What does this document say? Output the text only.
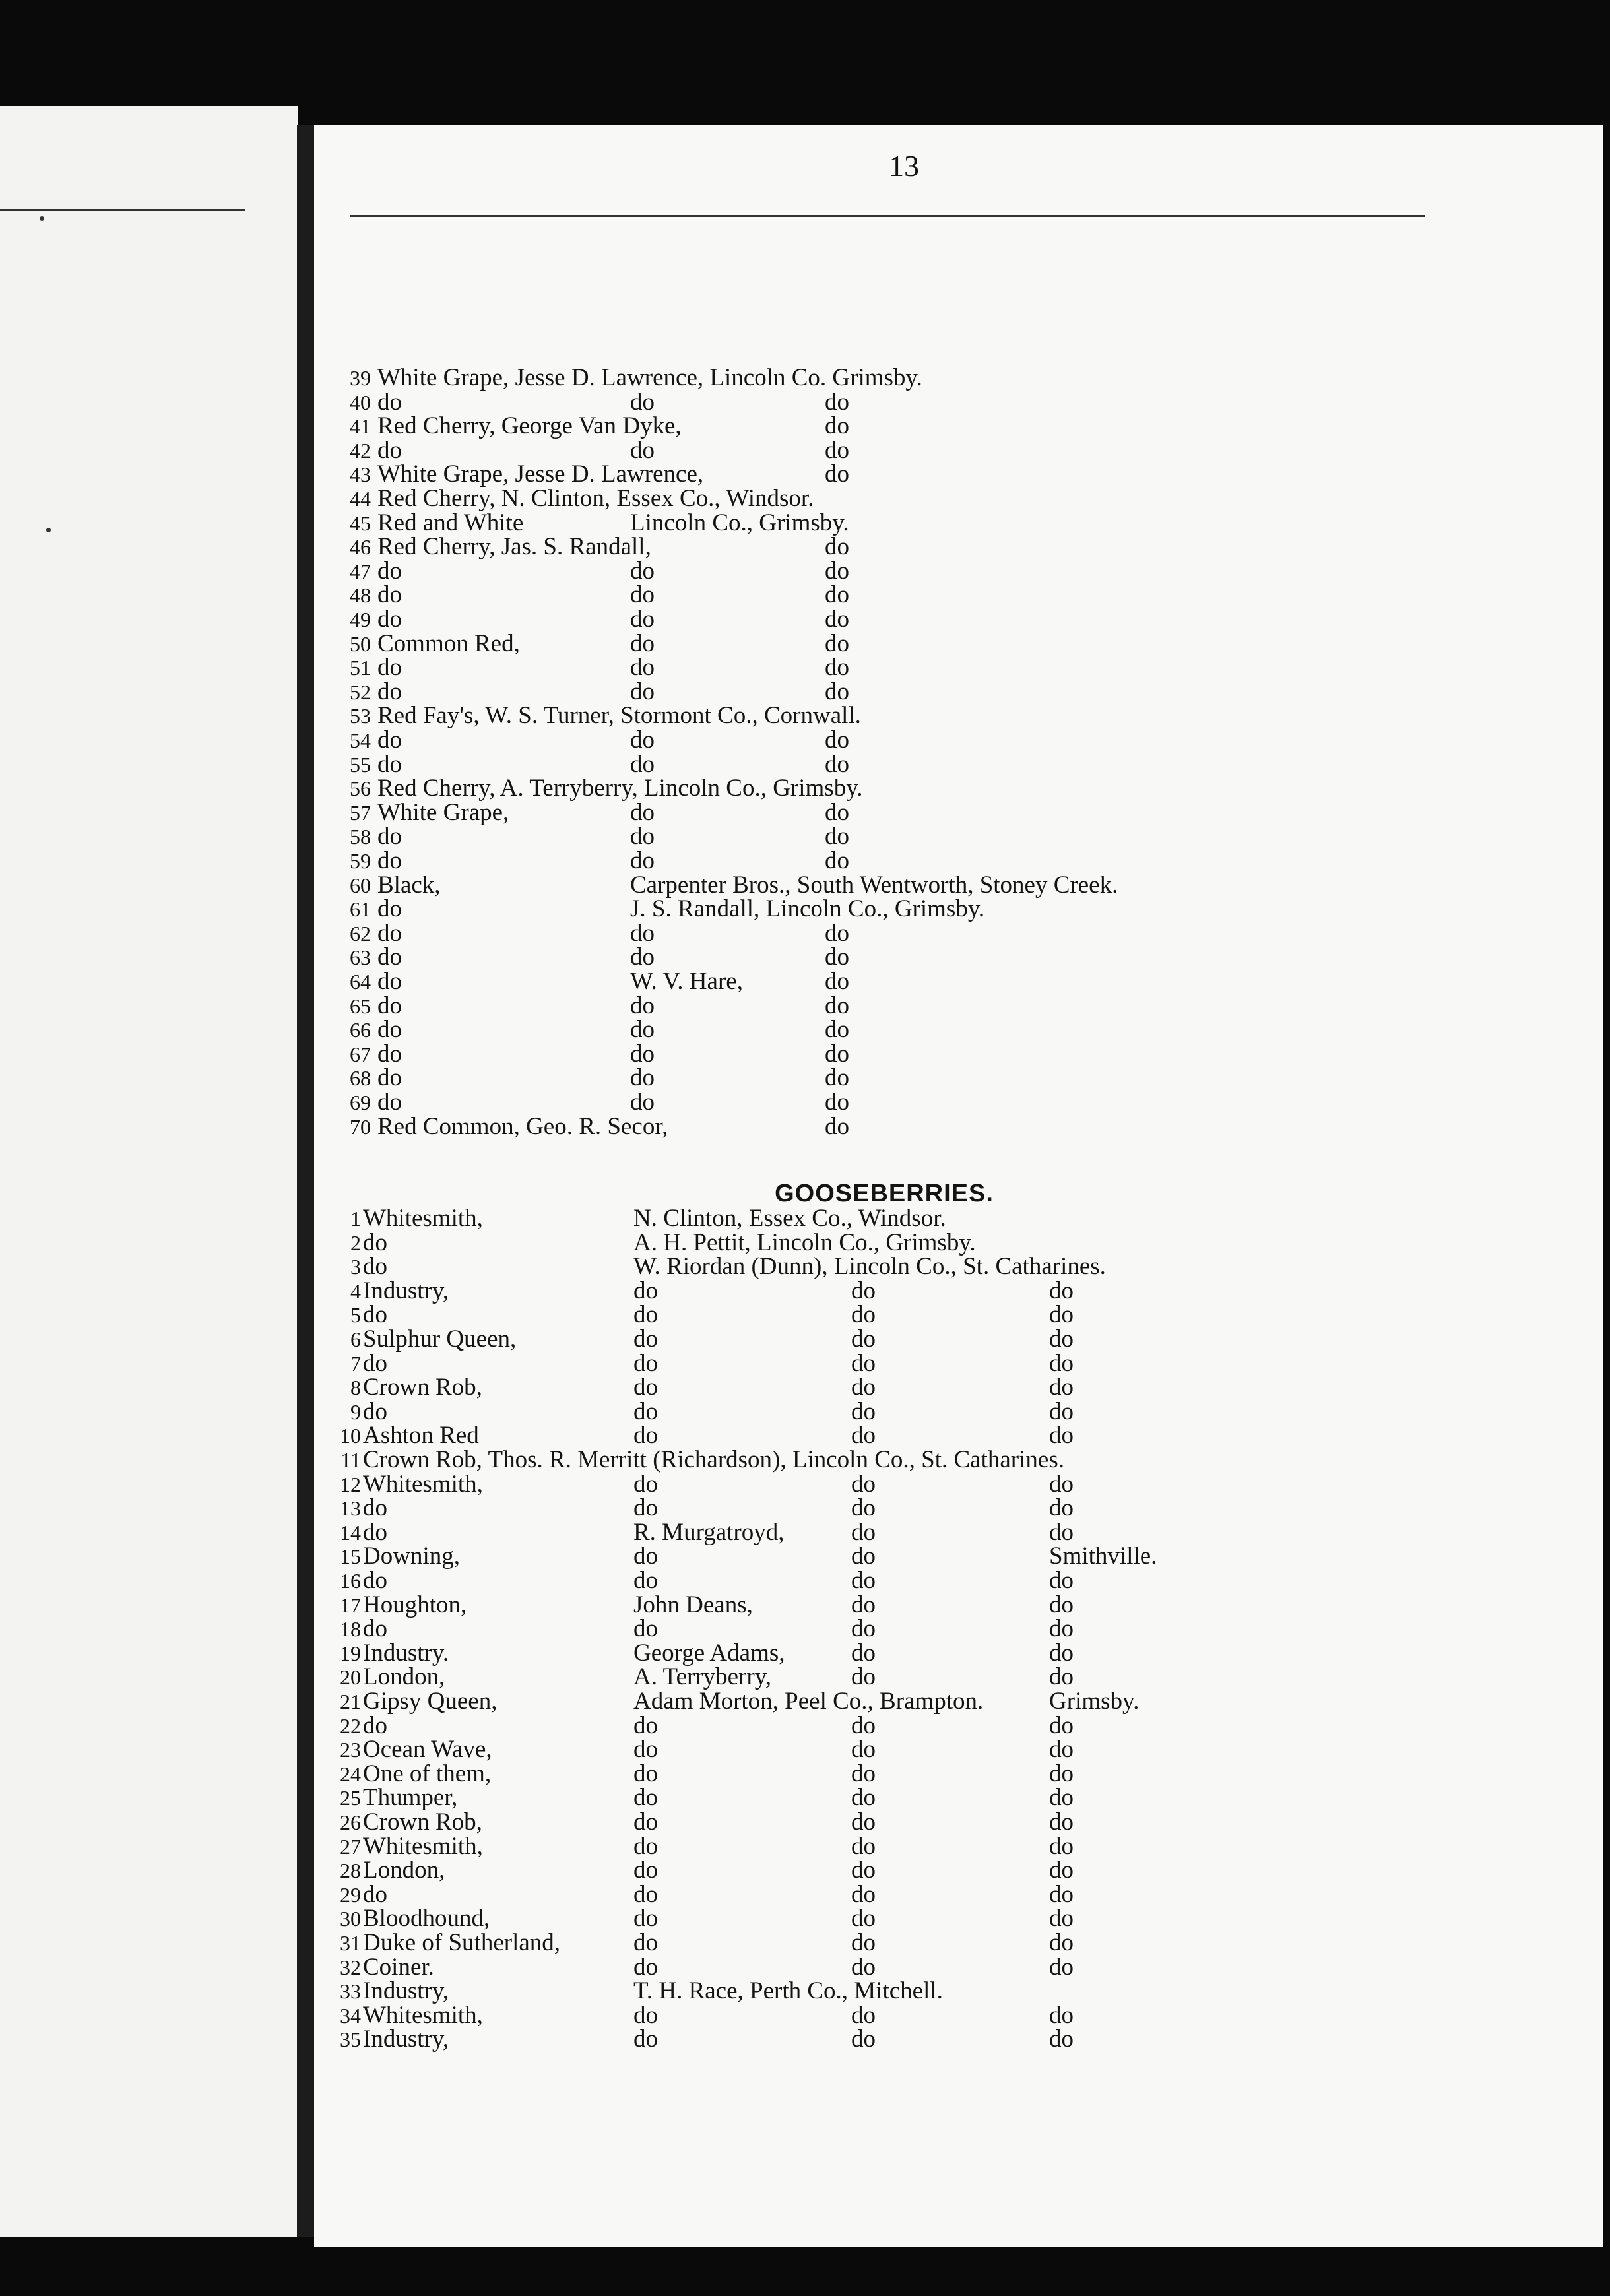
13
GOOSEBERRIES.
39 White Grape, Jesse D. Lawrence, Lincoln Co. Grimsby.
40 do	do	do
41 Red Cherry, George Van Dyke,	do
42 do	do	do
43 White Grape, Jesse D. Lawrence,	do
44 Red Cherry, N. Clinton, Essex Co., Windsor.
45 Red and White	Lincoln Co., Grimsby.
46 Red Cherry, Jas. S. Randall,	do
47 do	do	do
48 do	do	do
49 do	do	do
50 Common Red,	do	do
51 do	do	do
52 do	do	do
53 Red Fay's, W. S. Turner, Stormont Co., Cornwall.
54 do	do	do
55 do	do	do
56 Red Cherry, A. Terryberry, Lincoln Co., Grimsby.
57 White Grape,	do	do
58 do	do	do
59 do	do	do
60 Black,	Carpenter Bros., South Wentworth, Stoney Creek.
61 do	J. S. Randall, Lincoln Co., Grimsby.
62 do	do	do
63 do	do	do
64 do	W. V. Hare,	do
65 do	do	do
66 do	do	do
67 do	do	do
68 do	do	do
69 do	do	do
70 Red Common, Geo. R. Secor,	do
1 Whitesmith,	N. Clinton, Essex Co., Windsor.
2 do	A. H. Pettit, Lincoln Co., Grimsby.
3 do	W. Riordan (Dunn), Lincoln Co., St. Catharines.
4 Industry,	do	do	do
5 do	do	do	do
6 Sulphur Queen,	do	do	do
7 do	do	do	do
8 Crown Rob,	do	do	do
9 do	do	do	do
10 Ashton Red	do	do	do
11 Crown Rob, Thos. R. Merritt (Richardson), Lincoln Co., St. Catharines.
12 Whitesmith,	do	do	do
13 do	do	do	do
14 do	R. Murgatroyd,	do	do
15 Downing,	do	do	Smithville.
16 do	do	do	do
17 Houghton,	John Deans,	do	do
18 do	do	do	do
19 Industry.	George Adams,	do	do
20 London,	A. Terryberry,	do	do
21 Gipsy Queen,	Adam Morton, Peel Co., Brampton.	Grimsby.
22 do	do	do	do
23 Ocean Wave,	do	do	do
24 One of them,	do	do	do
25 Thumper,	do	do	do
26 Crown Rob,	do	do	do
27 Whitesmith,	do	do	do
28 London,	do	do	do
29 do	do	do	do
30 Bloodhound,	do	do	do
31 Duke of Sutherland,	do	do	do
32 Coiner.	do	do	do
33 Industry,	T. H. Race, Perth Co., Mitchell.
34 Whitesmith,	do	do	do
35 Industry,	do	do	do
